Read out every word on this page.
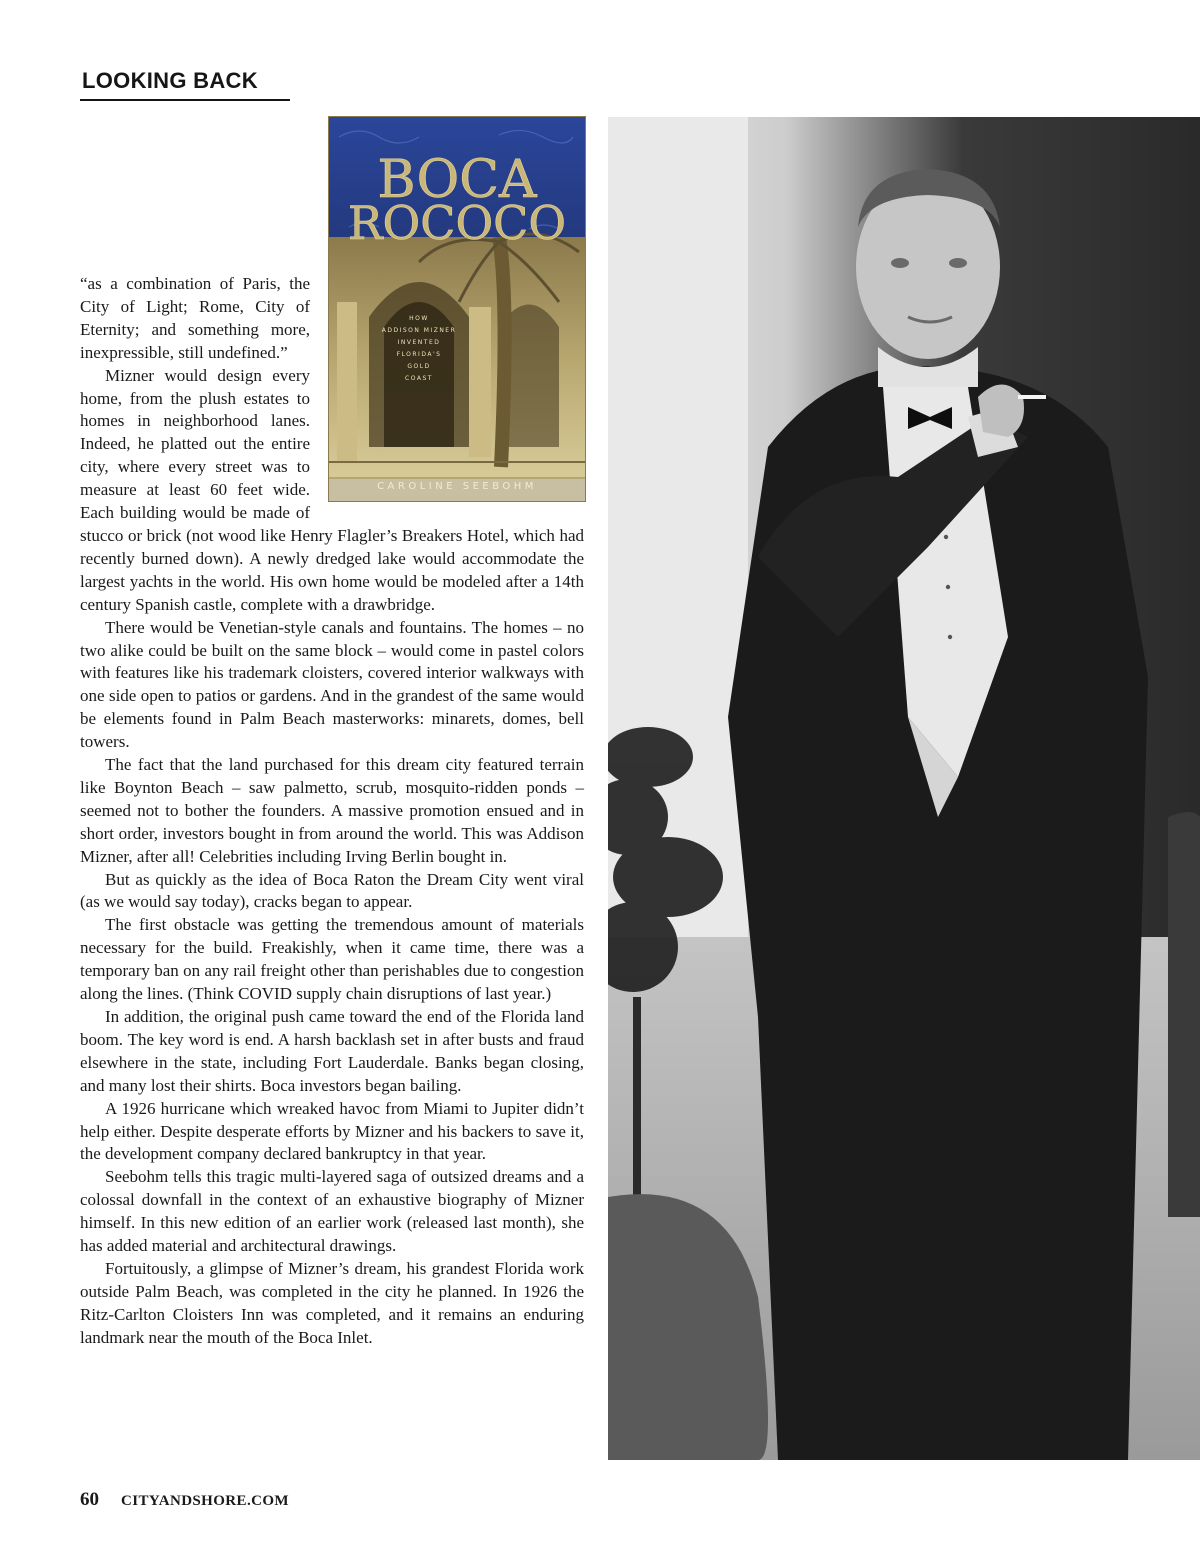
LOOKING BACK
BOCA
ROCOCO
HOW
ADDISON MIZNER
INVENTED
FLORIDA'S
GOLD
COAST
CAROLINE SEEBOHM

“as a combination of Paris, the City of Light; Rome, City of Eternity; and something more, inexpressible, still undefined.”

Mizner would design every home, from the plush estates to homes in neighborhood lanes. Indeed, he platted out the entire city, where every street was to measure at least 60 feet wide. Each building would be made of stucco or brick (not wood like Henry Flagler’s Breakers Hotel, which had recently burned down). A newly dredged lake would accommodate the largest yachts in the world. His own home would be modeled after a 14th century Spanish castle, complete with a drawbridge.

There would be Venetian-style canals and fountains. The homes – no two alike could be built on the same block – would come in pastel colors with features like his trademark cloisters, covered interior walkways with one side open to patios or gardens. And in the grandest of the same would be elements found in Palm Beach masterworks: minarets, domes, bell towers.

The fact that the land purchased for this dream city featured terrain like Boynton Beach – saw palmetto, scrub, mosquito-ridden ponds – seemed not to bother the founders. A massive promotion ensued and in short order, investors bought in from around the world. This was Addison Mizner, after all! Celebrities including Irving Berlin bought in.

But as quickly as the idea of Boca Raton the Dream City went viral (as we would say today), cracks began to appear.

The first obstacle was getting the tremendous amount of materials necessary for the build. Freakishly, when it came time, there was a temporary ban on any rail freight other than perishables due to congestion along the lines. (Think COVID supply chain disruptions of last year.)

In addition, the original push came toward the end of the Florida land boom. The key word is end. A harsh backlash set in after busts and fraud elsewhere in the state, including Fort Lauderdale. Banks began closing, and many lost their shirts. Boca investors began bailing.

A 1926 hurricane which wreaked havoc from Miami to Jupiter didn’t help either. Despite desperate efforts by Mizner and his backers to save it, the development company declared bankruptcy in that year.

Seebohm tells this tragic multi-layered saga of outsized dreams and a colossal downfall in the context of an exhaustive biography of Mizner himself. In this new edition of an earlier work (released last month), she has added material and architectural drawings.

Fortuitously, a glimpse of Mizner’s dream, his grandest Florida work outside Palm Beach, was completed in the city he planned. In 1926 the Ritz-Carlton Cloisters Inn was completed, and it remains an enduring landmark near the mouth of the Boca Inlet.

60 CITYANDSHORE.COM
